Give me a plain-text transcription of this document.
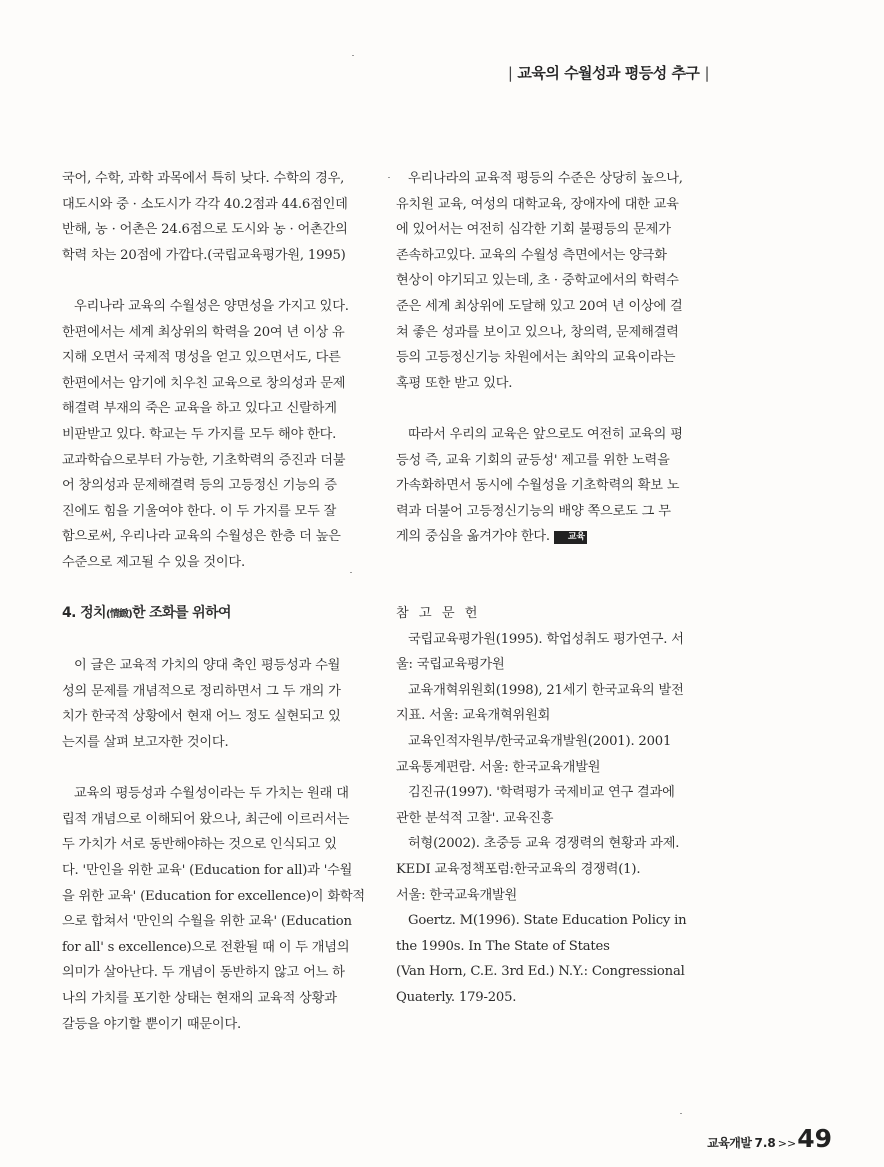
| 교육의 수월성과 평등성 추구 |

국어, 수학, 과학 과목에서 특히 낮다. 수학의 경우,
대도시와 중 · 소도시가 각각 40.2점과 44.6점인데
반해, 농 · 어촌은 24.6점으로 도시와 농 · 어촌간의
학력 차는 20점에 가깝다.(국립교육평가원, 1995)

우리나라 교육의 수월성은 양면성을 가지고 있다.
한편에서는 세계 최상위의 학력을 20여 년 이상 유
지해 오면서 국제적 명성을 얻고 있으면서도, 다른
한편에서는 암기에 치우친 교육으로 창의성과 문제
해결력 부재의 죽은 교육을 하고 있다고 신랄하게
비판받고 있다. 학교는 두 가지를 모두 해야 한다.
교과학습으로부터 가능한, 기초학력의 증진과 더불
어 창의성과 문제해결력 등의 고등정신 기능의 증
진에도 힘을 기울여야 한다. 이 두 가지를 모두 잘
함으로써, 우리나라 교육의 수월성은 한층 더 높은
수준으로 제고될 수 있을 것이다.

4. 정치(情緻)한 조화를 위하여

이 글은 교육적 가치의 양대 축인 평등성과 수월
성의 문제를 개념적으로 정리하면서 그 두 개의 가
치가 한국적 상황에서 현재 어느 정도 실현되고 있
는지를 살펴 보고자한 것이다.

교육의 평등성과 수월성이라는 두 가치는 원래 대
립적 개념으로 이해되어 왔으나, 최근에 이르러서는
두 가치가 서로 동반해야하는 것으로 인식되고 있
다. '만인을 위한 교육' (Education for all)과 '수월
을 위한 교육' (Education for excellence)이 화학적
으로 합쳐서 '만인의 수월을 위한 교육' (Education
for all' s excellence)으로 전환될 때 이 두 개념의
의미가 살아난다. 두 개념이 동반하지 않고 어느 하
나의 가치를 포기한 상태는 현재의 교육적 상황과
갈등을 야기할 뿐이기 때문이다.

우리나라의 교육적 평등의 수준은 상당히 높으나,
유치원 교육, 여성의 대학교육, 장애자에 대한 교육
에 있어서는 여전히 심각한 기회 불평등의 문제가
존속하고있다. 교육의 수월성 측면에서는 양극화
현상이 야기되고 있는데, 초 · 중학교에서의 학력수
준은 세계 최상위에 도달해 있고 20여 년 이상에 걸
쳐 좋은 성과를 보이고 있으나, 창의력, 문제해결력
등의 고등정신기능 차원에서는 최악의 교육이라는
혹평 또한 받고 있다.

따라서 우리의 교육은 앞으로도 여전히 교육의 평
등성 즉, 교육 기회의 균등성' 제고를 위한 노력을
가속화하면서 동시에 수월성을 기초학력의 확보 노
력과 더불어 고등정신기능의 배양 쪽으로도 그 무
게의 중심을 옮겨가야 한다. 교육

참 고 문 헌

국립교육평가원(1995). 학업성취도 평가연구. 서
울: 국립교육평가원

교육개혁위원회(1998), 21세기 한국교육의 발전
지표. 서울: 교육개혁위원회

교육인적자원부/한국교육개발원(2001). 2001
교육통계편람. 서울: 한국교육개발원

김진규(1997). '학력평가 국제비교 연구 결과에
관한 분석적 고찰'. 교육진흥

허형(2002). 초중등 교육 경쟁력의 현황과 과제.
KEDI 교육정책포럼:한국교육의 경쟁력(1).
서울: 한국교육개발원

Goertz. M(1996). State Education Policy in
the 1990s. In The State of States
(Van Horn, C.E. 3rd Ed.) N.Y.: Congressional
Quaterly. 179-205.

교육개발 7.8 >>49
